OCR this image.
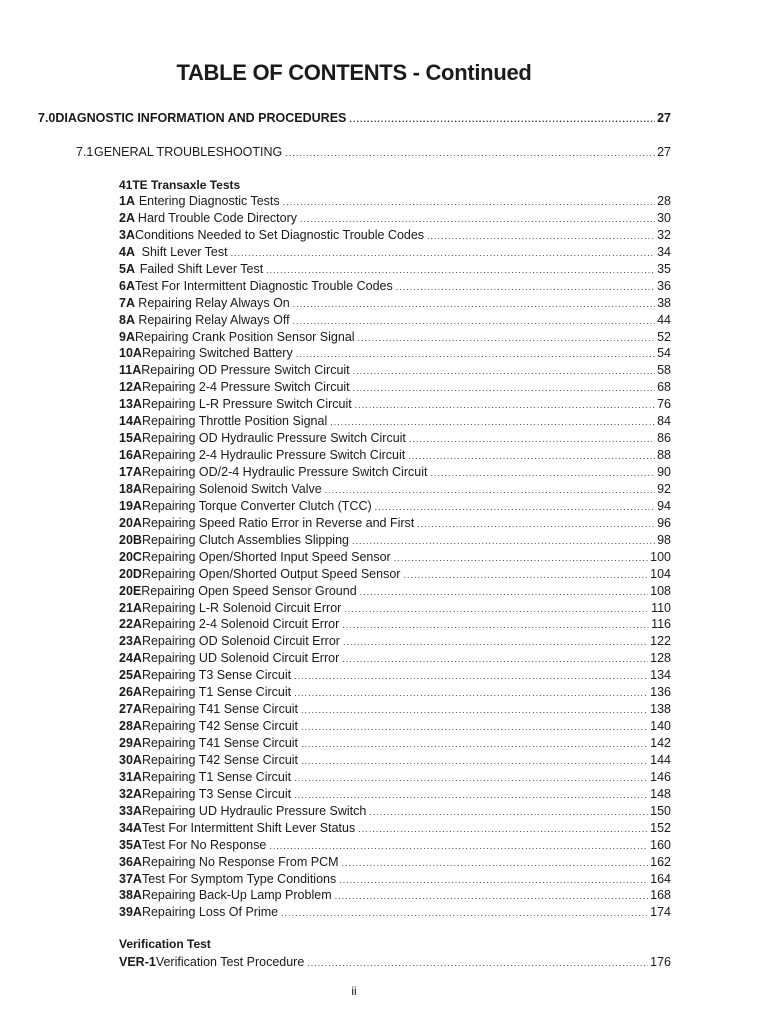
TABLE OF CONTENTS - Continued
7.0 DIAGNOSTIC INFORMATION AND PROCEDURES .....	27
7.1 GENERAL TROUBLESHOOTING .....	27
41TE Transaxle Tests
1A Entering Diagnostic Tests .....	28
2A Hard Trouble Code Directory .....	30
3A Conditions Needed to Set Diagnostic Trouble Codes .....	32
4A Shift Lever Test .....	34
5A Failed Shift Lever Test .....	35
6A Test For Intermittent Diagnostic Trouble Codes .....	36
7A Repairing Relay Always On .....	38
8A Repairing Relay Always Off .....	44
9A Repairing Crank Position Sensor Signal .....	52
10A Repairing Switched Battery .....	54
11A Repairing OD Pressure Switch Circuit .....	58
12A Repairing 2-4 Pressure Switch Circuit .....	68
13A Repairing L-R Pressure Switch Circuit .....	76
14A Repairing Throttle Position Signal .....	84
15A Repairing OD Hydraulic Pressure Switch Circuit .....	86
16A Repairing 2-4 Hydraulic Pressure Switch Circuit .....	88
17A Repairing OD/2-4 Hydraulic Pressure Switch Circuit .....	90
18A Repairing Solenoid Switch Valve .....	92
19A Repairing Torque Converter Clutch (TCC) .....	94
20A Repairing Speed Ratio Error in Reverse and First .....	96
20B Repairing Clutch Assemblies Slipping .....	98
20C Repairing Open/Shorted Input Speed Sensor .....	100
20D Repairing Open/Shorted Output Speed Sensor .....	104
20E Repairing Open Speed Sensor Ground .....	108
21A Repairing L-R Solenoid Circuit Error .....	110
22A Repairing 2-4 Solenoid Circuit Error .....	116
23A Repairing OD Solenoid Circuit Error .....	122
24A Repairing UD Solenoid Circuit Error .....	128
25A Repairing T3 Sense Circuit .....	134
26A Repairing T1 Sense Circuit .....	136
27A Repairing T41 Sense Circuit .....	138
28A Repairing T42 Sense Circuit .....	140
29A Repairing T41 Sense Circuit .....	142
30A Repairing T42 Sense Circuit .....	144
31A Repairing T1 Sense Circuit .....	146
32A Repairing T3 Sense Circuit .....	148
33A Repairing UD Hydraulic Pressure Switch .....	150
34A Test For Intermittent Shift Lever Status .....	152
35A Test For No Response .....	160
36A Repairing No Response From PCM .....	162
37A Test For Symptom Type Conditions .....	164
38A Repairing Back-Up Lamp Problem .....	168
39A Repairing Loss Of Prime .....	174
Verification Test
VER-1 Verification Test Procedure .....	176
ii
